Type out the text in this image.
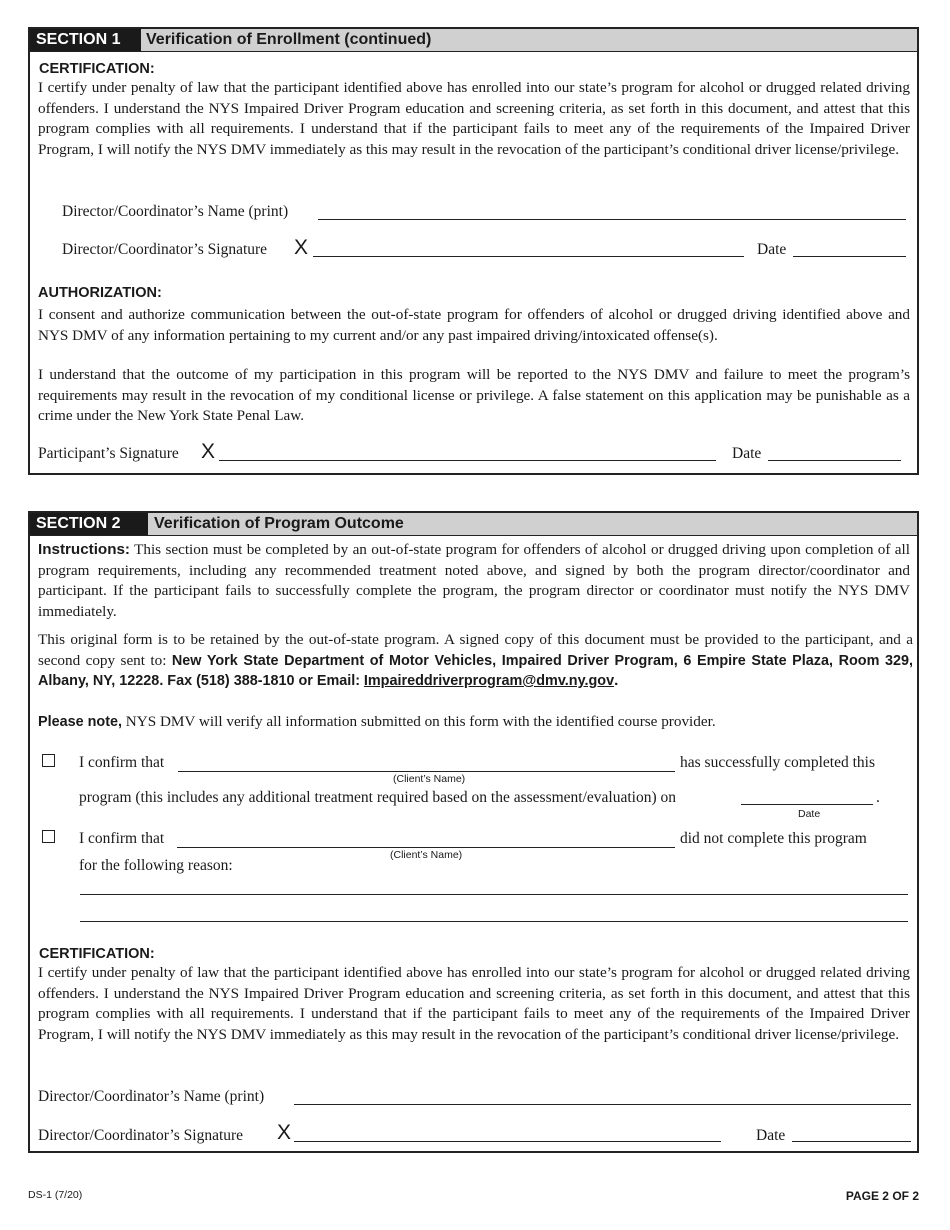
SECTION 1	Verification of Enrollment (continued)
CERTIFICATION:
I certify under penalty of law that the participant identified above has enrolled into our state’s program for alcohol or drugged related driving offenders. I understand the NYS Impaired Driver Program education and screening criteria, as set forth in this document, and attest that this program complies with all requirements. I understand that if the participant fails to meet any of the requirements of the Impaired Driver Program, I will notify the NYS DMV immediately as this may result in the revocation of the participant’s conditional driver license/privilege.
Director/Coordinator’s Name (print)
Director/Coordinator’s Signature X	Date
AUTHORIZATION:
I consent and authorize communication between the out-of-state program for offenders of alcohol or drugged driving identified above and NYS DMV of any information pertaining to my current and/or any past impaired driving/intoxicated offense(s).
I understand that the outcome of my participation in this program will be reported to the NYS DMV and failure to meet the program’s requirements may result in the revocation of my conditional license or privilege. A false statement on this application may be punishable as a crime under the New York State Penal Law.
Participant’s Signature X	Date
SECTION 2	Verification of Program Outcome
Instructions: This section must be completed by an out-of-state program for offenders of alcohol or drugged driving upon completion of all program requirements, including any recommended treatment noted above, and signed by both the program director/coordinator and participant. If the participant fails to successfully complete the program, the program director or coordinator must notify the NYS DMV immediately.
This original form is to be retained by the out-of-state program. A signed copy of this document must be provided to the participant, and a second copy sent to: New York State Department of Motor Vehicles, Impaired Driver Program, 6 Empire State Plaza, Room 329, Albany, NY, 12228. Fax (518) 388-1810 or Email: Impaireddriverprogram@dmv.ny.gov.
Please note, NYS DMV will verify all information submitted on this form with the identified course provider.
I confirm that
(Client’s Name)
has successfully completed this
program (this includes any additional treatment required based on the assessment/evaluation) on	.
Date
I confirm that
(Client’s Name)
did not complete this program
for the following reason:
CERTIFICATION:
I certify under penalty of law that the participant identified above has enrolled into our state’s program for alcohol or drugged related driving offenders. I understand the NYS Impaired Driver Program education and screening criteria, as set forth in this document, and attest that this program complies with all requirements. I understand that if the participant fails to meet any of the requirements of the Impaired Driver Program, I will notify the NYS DMV immediately as this may result in the revocation of the participant’s conditional driver license/privilege.
Director/Coordinator’s Name (print)
Director/Coordinator’s Signature X	Date
DS-1 (7/20)	PAGE 2 OF 2
